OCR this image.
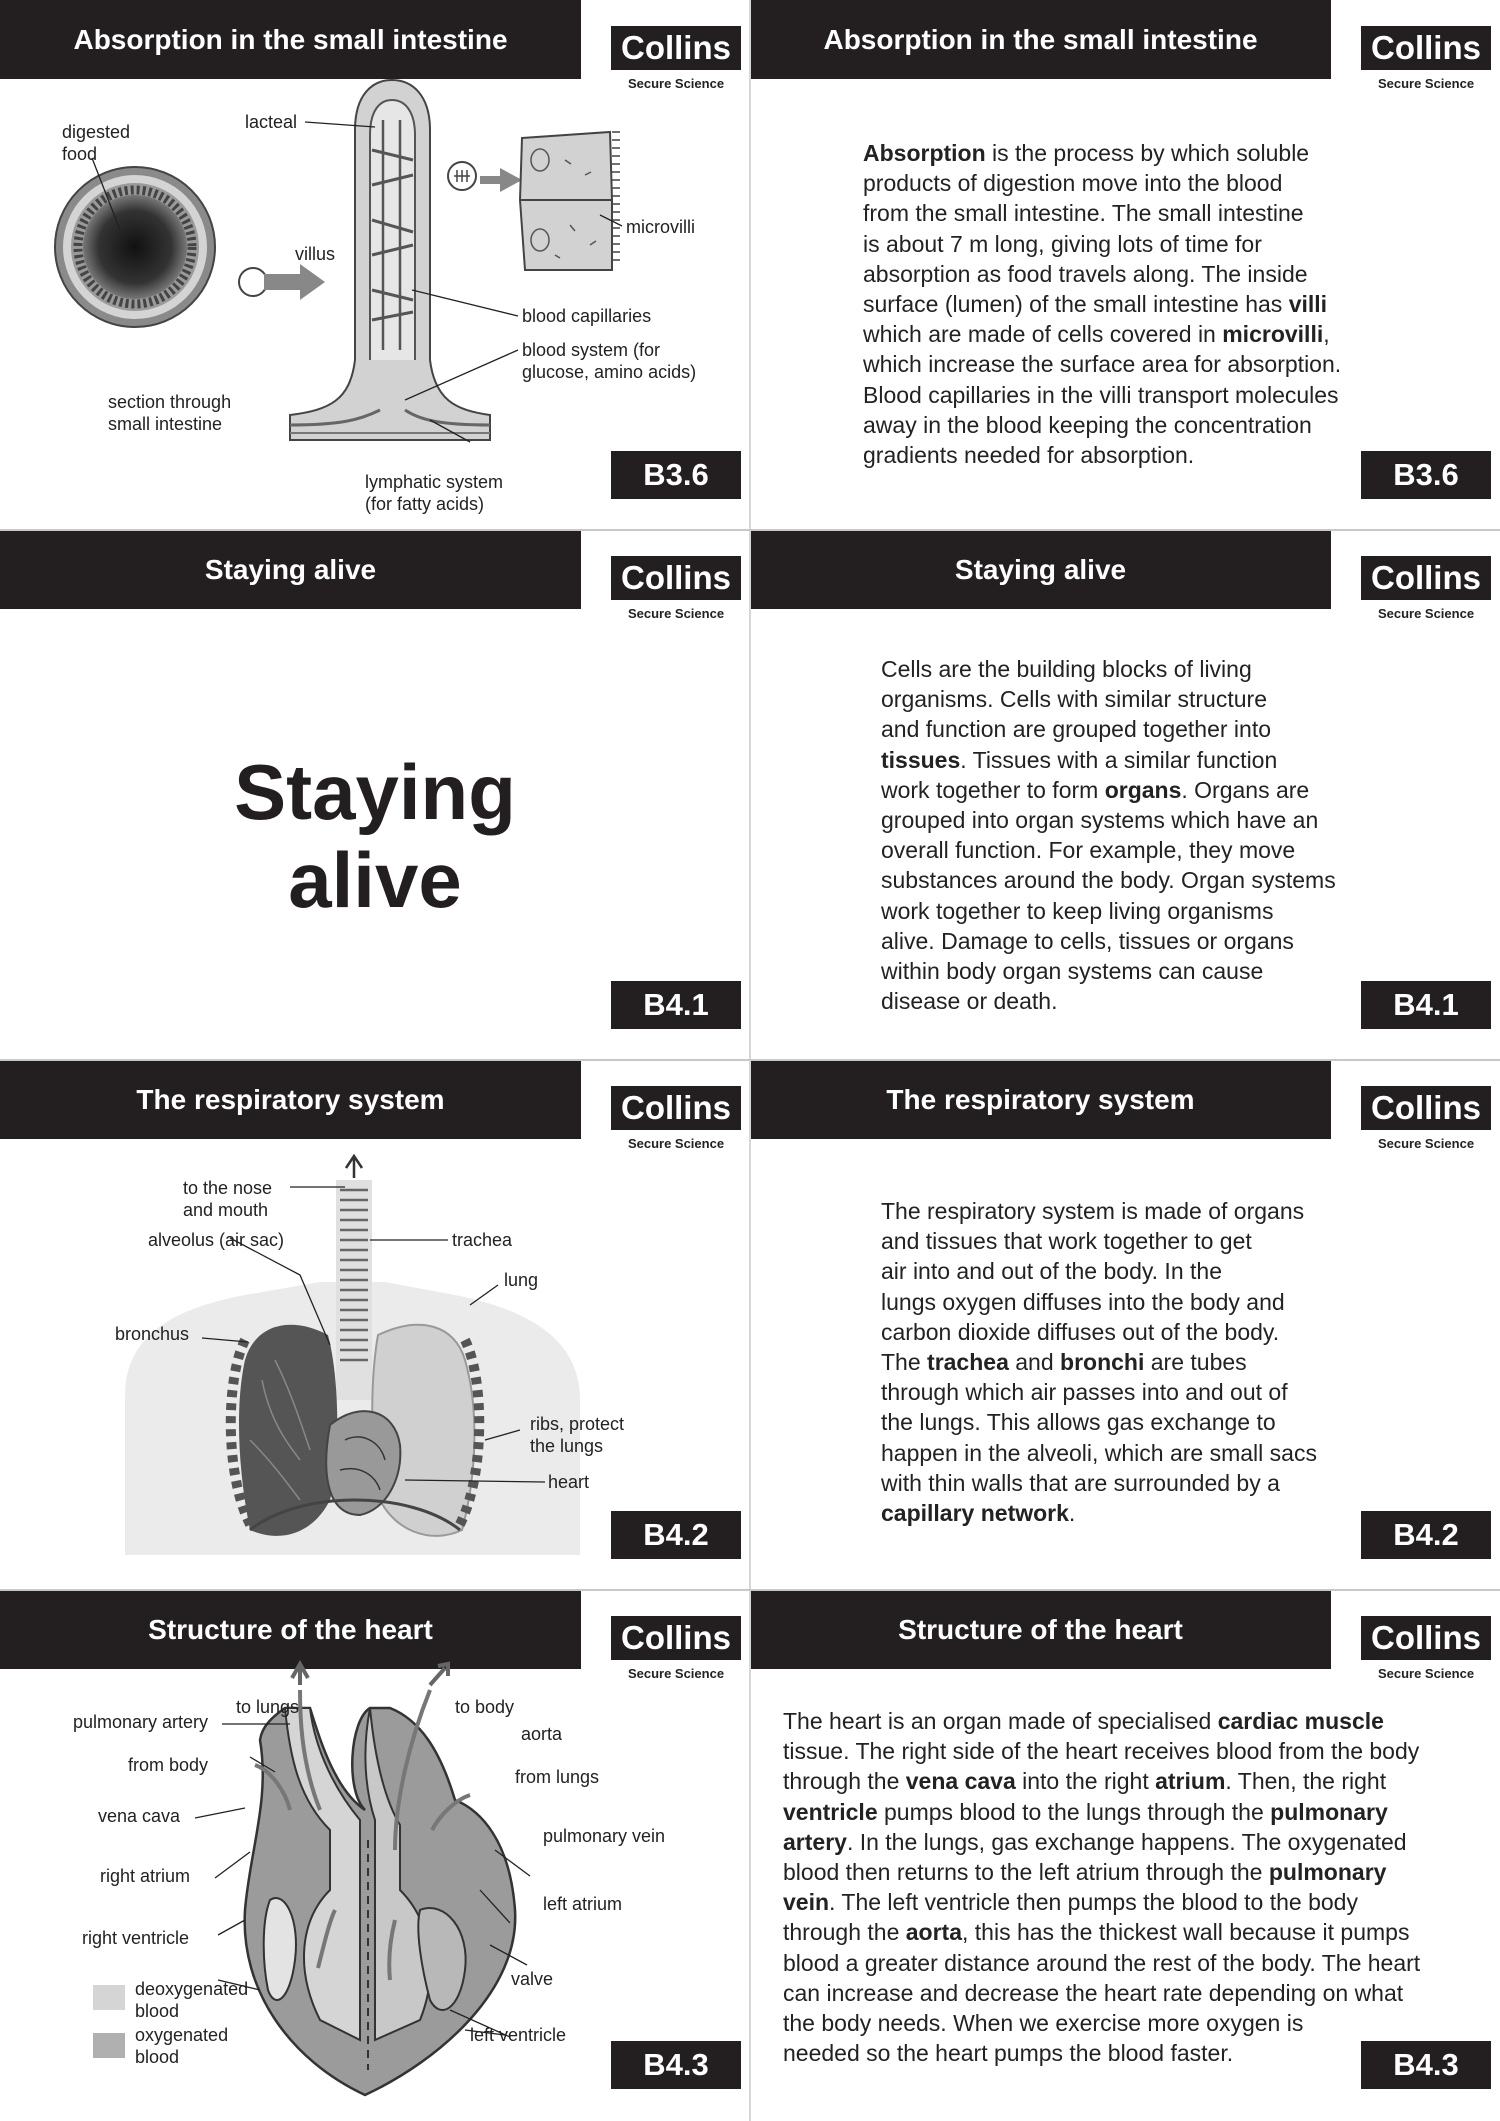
Absorption in the small intestine	Collins
Secure Science
digested food
lacteal
villus
microvilli
blood capillaries
blood system (for glucose, amino acids)
section through small intestine
lymphatic system (for fatty acids)
B3.6
Absorption in the small intestine	Collins
Secure Science
Absorption is the process by which soluble
products of digestion move into the blood
from the small intestine. The small intestine
is about 7 m long, giving lots of time for
absorption as food travels along. The inside
surface (lumen) of the small intestine has villi
which are made of cells covered in microvilli,
which increase the surface area for absorption.
Blood capillaries in the villi transport molecules
away in the blood keeping the concentration
gradients needed for absorption.
B3.6
Staying alive	Collins
Secure Science
Staying
alive
B4.1
Staying alive	Collins
Secure Science
Cells are the building blocks of living
organisms. Cells with similar structure
and function are grouped together into
tissues. Tissues with a similar function
work together to form organs. Organs are
grouped into organ systems which have an
overall function. For example, they move
substances around the body. Organ systems
work together to keep living organisms
alive. Damage to cells, tissues or organs
within body organ systems can cause
disease or death.	B4.1
The respiratory system	Collins
Secure Science
to the nose and mouth
alveolus (air sac)	trachea
lung
bronchus
ribs, protect the lungs
heart
B4.2
The respiratory system	Collins
Secure Science
The respiratory system is made of organs
and tissues that work together to get
air into and out of the body. In the
lungs oxygen diffuses into the body and
carbon dioxide diffuses out of the body.
The trachea and bronchi are tubes
through which air passes into and out of
the lungs. This allows gas exchange to
happen in the alveoli, which are small sacs
with thin walls that are surrounded by a
capillary network.
B4.2
Structure of the heart	Collins
Secure Science
to lungs	to body
pulmonary artery
aorta
from body
from lungs
vena cava
pulmonary vein
right atrium
left atrium
right ventricle
valve
left ventricle
deoxygenated blood
oxygenated blood	B4.3
Structure of the heart	Collins
Secure Science
The heart is an organ made of specialised cardiac muscle
tissue. The right side of the heart receives blood from the body
through the vena cava into the right atrium. Then, the right
ventricle pumps blood to the lungs through the pulmonary
artery. In the lungs, gas exchange happens. The oxygenated
blood then returns to the left atrium through the pulmonary
vein. The left ventricle then pumps the blood to the body
through the aorta, this has the thickest wall because it pumps
blood a greater distance around the rest of the body. The heart
can increase and decrease the heart rate depending on what
the body needs. When we exercise more oxygen is
needed so the heart pumps the blood faster.	B4.3
